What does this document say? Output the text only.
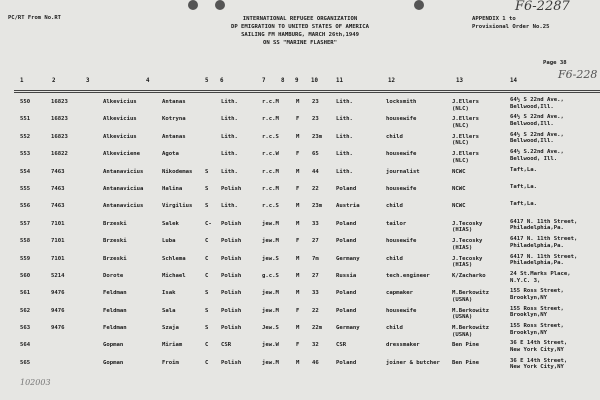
PC/RT From No.RT	INTERNATIONAL REFUGEE ORGANIZATION
DP EMIGRATION TO UNITED STATES OF AMERICA
SAILING FM HAMBURG, MARCH 26th,1949
ON SS "MARINE FLASHER"
APPENDIX 1 to
Provisional Order No.25
F6-2287
Page 38
F6-228
1	2	3	4	5 6	7	8 9 10	11	12	13	14
550	16823	Alkevicius	Antanas	Lith.	r.c.M	M 23	Lith.	locksmith	J.Ellers
(NLC)
64½ S 22nd Ave.,
Bellwood,Ill.
551	16823	Alkevicius	Kotryna	Lith.	r.c.M	F 23	Lith.	housewife	J.Ellers
(NLC)
64½ S 22nd Ave.,
Bellwood,Ill.
552	16823	Alkevicius	Antanas	Lith.	r.c.S	M 23m Lith.	child	J.Ellers
(NLC)
64½ S 22nd Ave.,
Bellwood,Ill.
553	16822	Alkeviciene	Agota	Lith.	r.c.W	F 65	Lith.	housewife	J.Ellers
(NLC)
64½ S.22nd Ave.,
Bellwood, Ill.
554	7463	Antanavicius	Nikodemas S Lith.	r.c.M	M 44	Lith.	journalist	NCWC	Taft,La.
555	7463	Antanaviciua	Halina	S Polish	r.c.M	F 22	Poland	housewife	NCWC	Taft,La.
556	7463	Antanavicius	Virgilius S Lith.	r.c.S	M 23m Austria	child	NCWC	Taft,La.
557	7101	Brzeski	Salek	C- Polish	jew.M	M 33	Poland	tailor	J.Tecosky
(HIAS)
6417 N. 11th Street,
Philadelphia,Pa.
558	7101	Brzeski	Luba	C Polish	jew.M	F 27	Poland	housewife	J.Tecosky
(HIAS)
6417 N. 11th Street,
Philadelphia,Pa.
559	7101	Brzeski	Schlema	C Polish	jew.S	M 7m	Germany	child	J.Tecosky
(HIAS)
6417 N. 11th Street,
Philadelphia,Pa.
560	5214	Dorote	Michael	C Polish	g.c.S	M 27	Russia	tech.engineer	K/Zacharko	24 St.Marks Place,
N.Y.C. 3,
561	9476	Feldman	Isak	S Polish	jew.M	M 33	Poland	capmaker	M.Berkowitz
(USNA)
155 Ross Street,
Brooklyn,NY
562	9476	Feldman	Sala	S Polish	jew.M	F 22	Poland	housewife	M.Berkowitz
(USNA)
155 Ross Street,
Brooklyn,NY
563	9476	Feldman	Szaja	S Polish	Jew.S	M 22m Germany	child	M.Berkowitz
(USNA)
155 Ross Street,
Brooklyn,NY
564	Gopman	Miriam	C CSR	jew.W	F 32	CSR	dressmaker	Ben Pine	36 E 14th Street,
New York City,NY
565	Gopman	Froim	C Polish	jew.M	M 46	Poland	joiner & butcher Ben Pine	36 E 14th Street,
New York City,NY
102003
